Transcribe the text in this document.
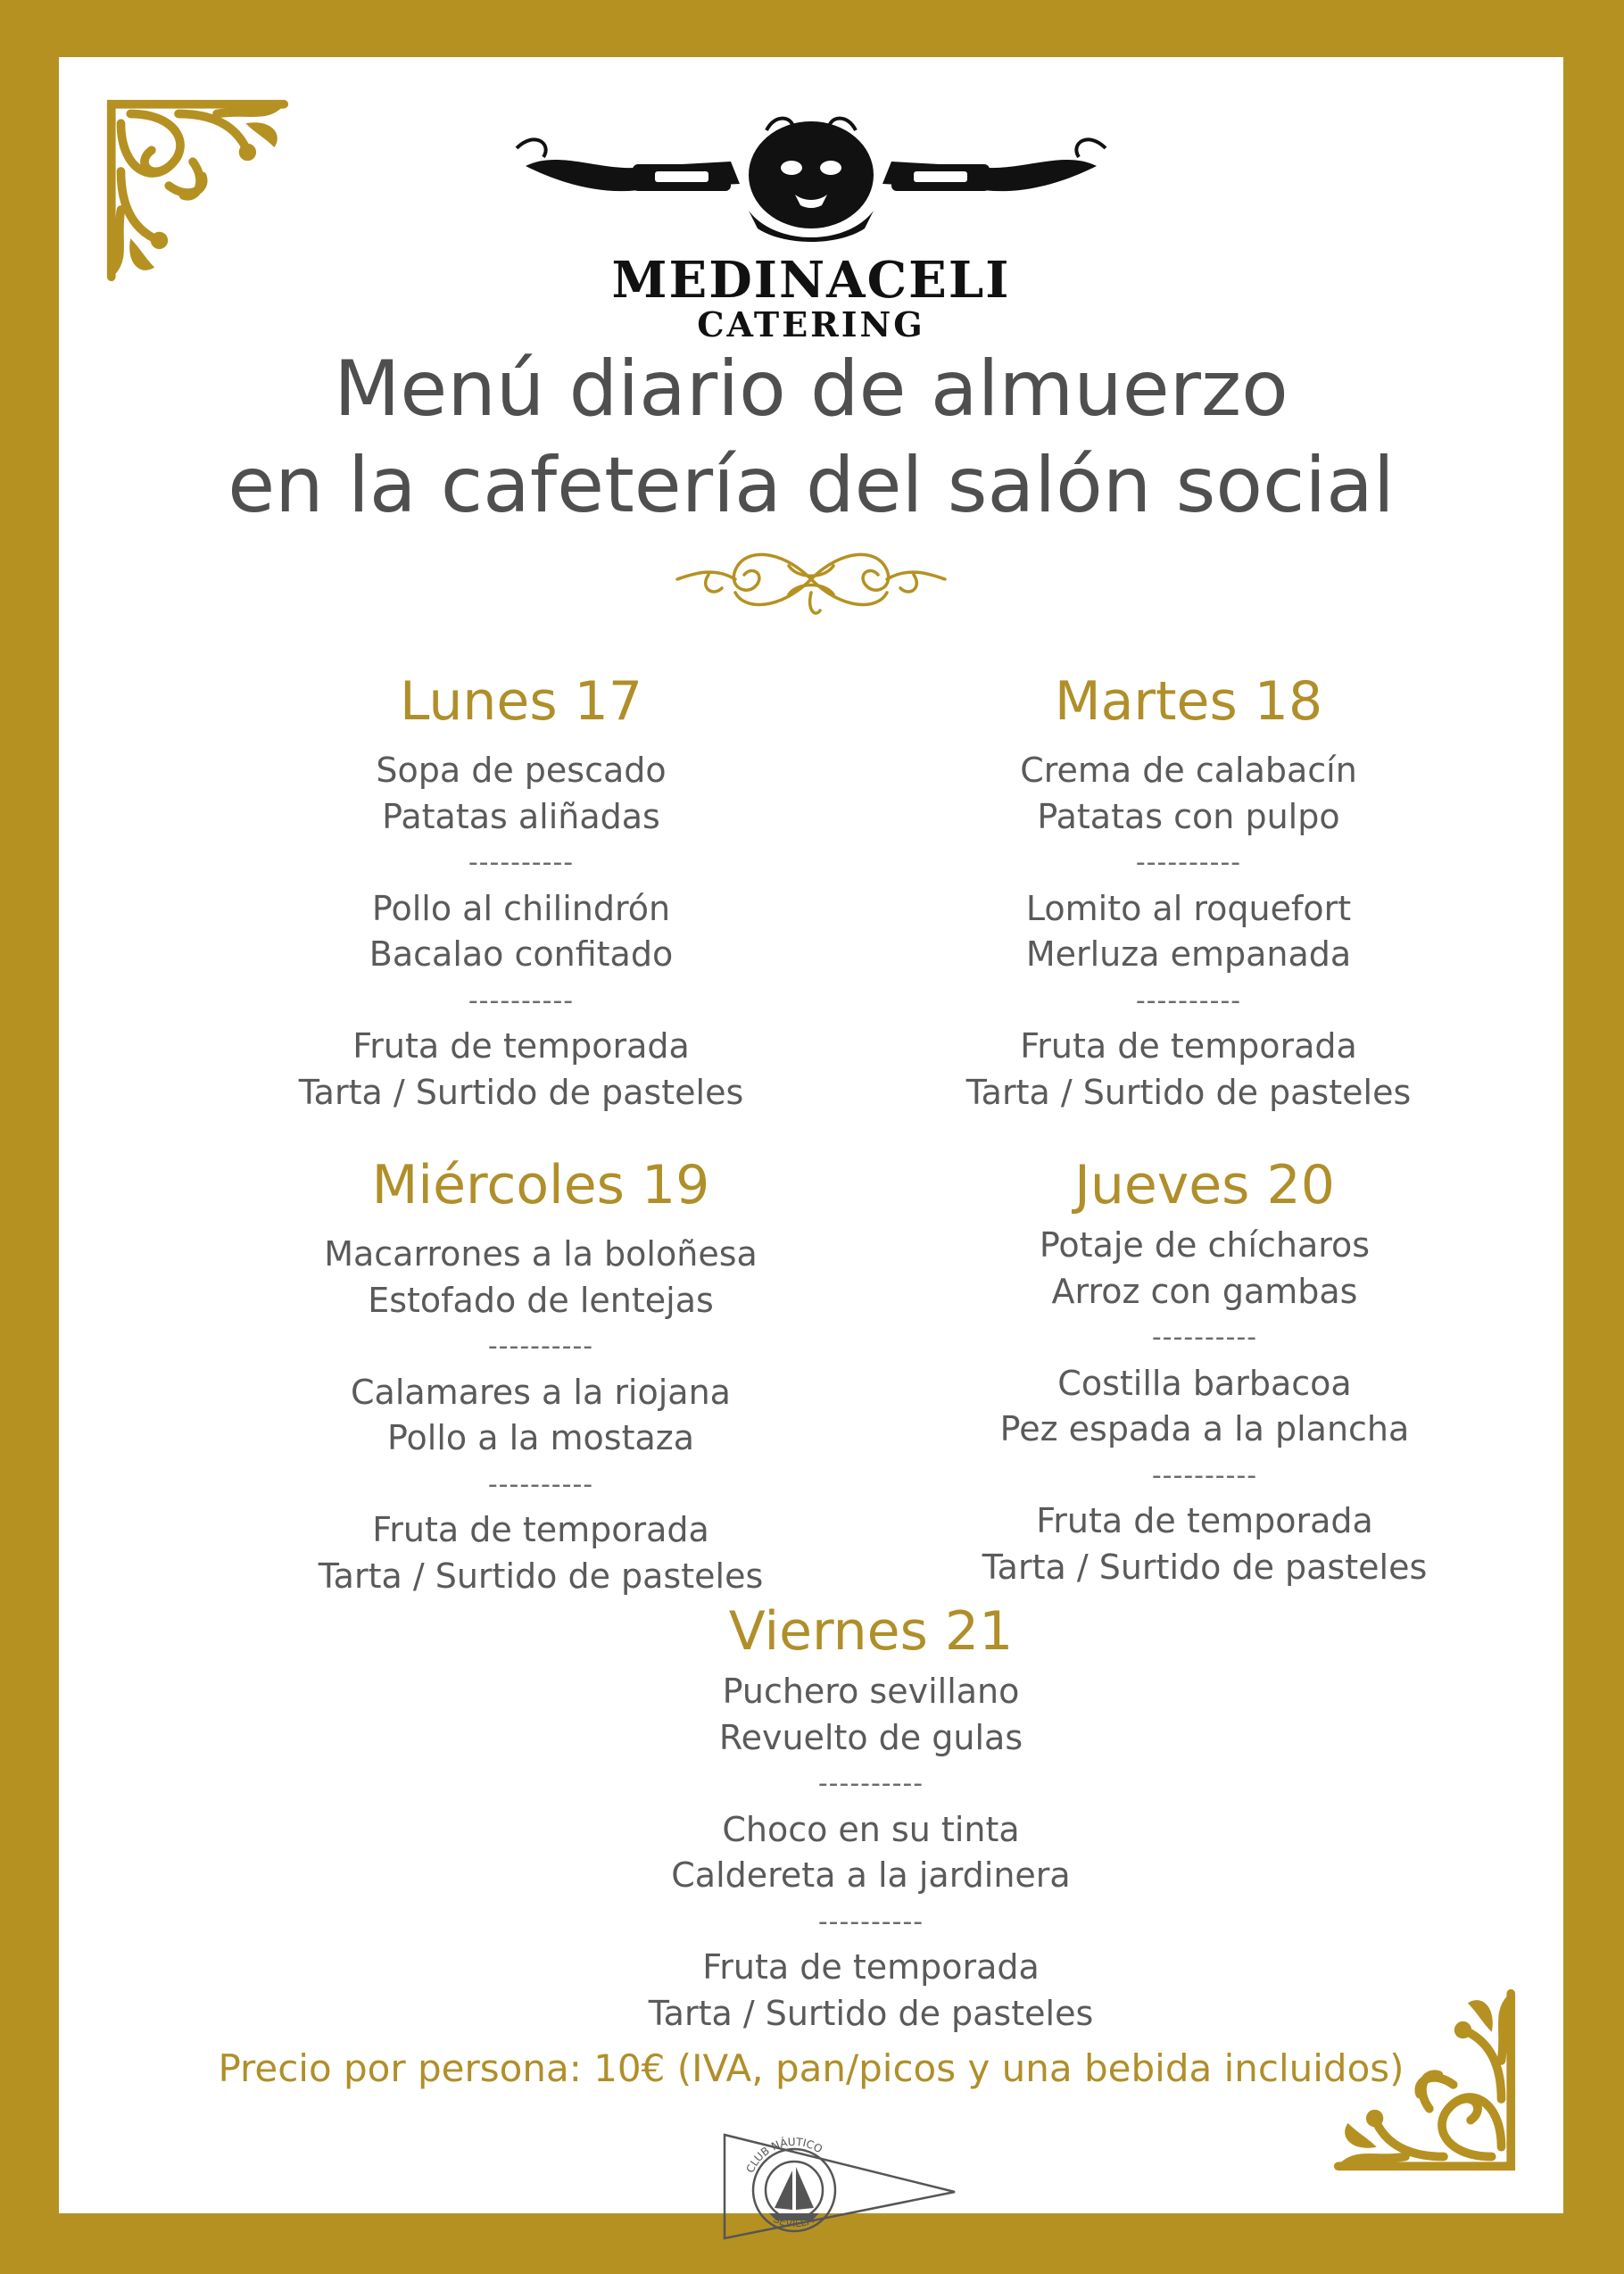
MEDINACELI
CATERING
Menú diario de almuerzo
en la cafetería del salón social
Lunes 17
Sopa de pescado
Patatas aliñadas
----------
Pollo al chilindrón
Bacalao confitado
----------
Fruta de temporada
Tarta / Surtido de pasteles
Martes 18
Crema de calabacín
Patatas con pulpo
----------
Lomito al roquefort
Merluza empanada
----------
Fruta de temporada
Tarta / Surtido de pasteles
Miércoles 19
Macarrones a la boloñesa
Estofado de lentejas
----------
Calamares a la riojana
Pollo a la mostaza
----------
Fruta de temporada
Tarta / Surtido de pasteles
Jueves 20
Potaje de chícharos
Arroz con gambas
----------
Costilla barbacoa
Pez espada a la plancha
----------
Fruta de temporada
Tarta / Surtido de pasteles
Viernes 21
Puchero sevillano
Revuelto de gulas
----------
Choco en su tinta
Caldereta a la jardinera
----------
Fruta de temporada
Tarta / Surtido de pasteles
Precio por persona: 10€ (IVA, pan/picos y una bebida incluidos)
CLUB NÁUTICO
SEVILLA
